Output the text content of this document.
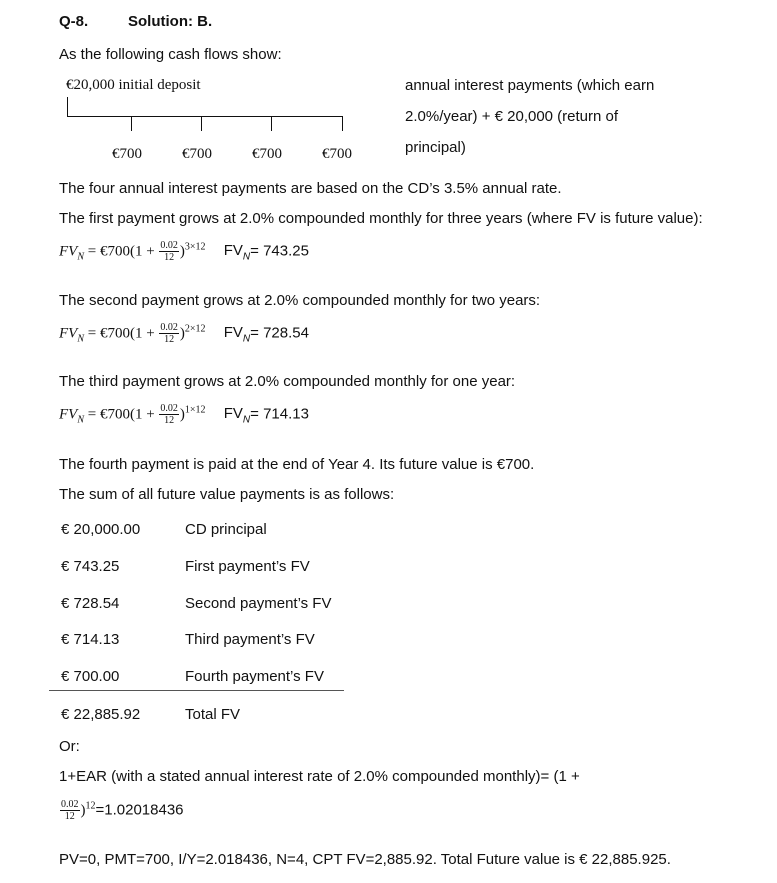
Q-8.	Solution: B.
As the following cash flows show:
€20,000 initial deposit
€700	€700	€700	€700
annual interest payments (which earn
2.0%/year) + € 20,000 (return of
principal)
The four annual interest payments are based on the CD’s 3.5% annual rate.
The first payment grows at 2.0% compounded monthly for three years (where FV is future value):
$FV_N$ = €700(1 + $\frac{0.02}{12} )^{3\times 12}$ $FV_N= 743.25$
The second payment grows at 2.0% compounded monthly for two years:
$FV_N$ = €700(1 + $\frac{0.02}{12} )^{2\times 12}$ $FV_N= 728.54$
The third payment grows at 2.0% compounded monthly for one year:
$FV_N$ = €700(1 + $\frac{0.02}{12} )^{1\times 12}$ $FV_N= 714.13$
The fourth payment is paid at the end of Year 4. Its future value is €700.
The sum of all future value payments is as follows:
€ 20,000.00	CD principal
€ 743.25	First payment’s FV
€ 728.54	Second payment’s FV
€ 714.13	Third payment’s FV
€ 700.00	Fourth payment’s FV
€ 22,885.92	Total FV
Or:
1+EAR (with a stated annual interest rate of 2.0% compounded monthly)= (1 +
$\frac{0.02}{12} )^{12}=1.02018436$
PV=0, PMT=700, I/Y=2.018436, N=4, CPT FV=2,885.92. Total Future value is € 22,885.925.
